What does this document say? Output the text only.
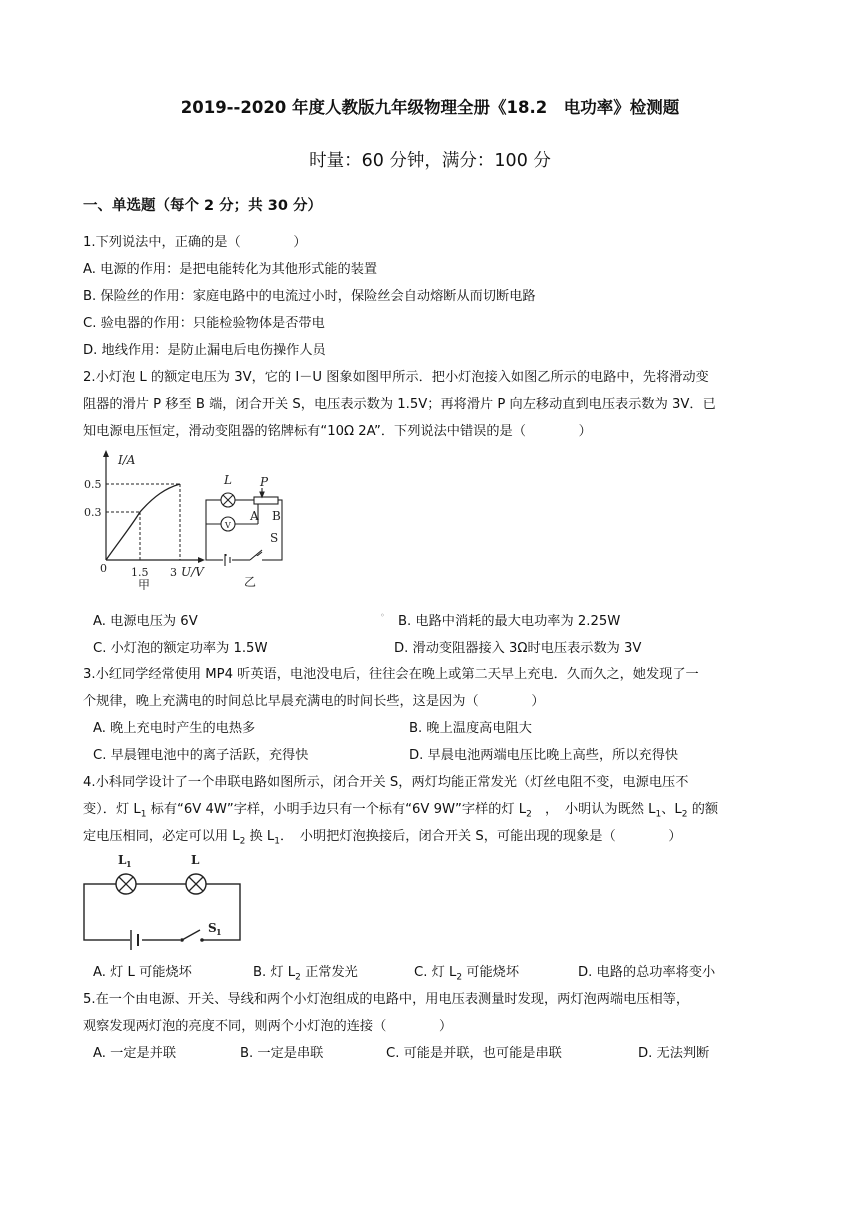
2019--2020 年度人教版九年级物理全册《18.2　电功率》检测题
时量：60 分钟，满分：100 分
一、单选题（每个 2 分；共 30 分）
1.下列说法中，正确的是（　　　　）
A. 电源的作用：是把电能转化为其他形式能的装置
B. 保险丝的作用：家庭电路中的电流过小时，保险丝会自动熔断从而切断电路
C. 验电器的作用：只能检验物体是否带电
D. 地线作用：是防止漏电后电伤操作人员
2.小灯泡 L 的额定电压为 3V，它的 I－U 图象如图甲所示．把小灯泡接入如图乙所示的电路中，先将滑动变
阻器的滑片 P 移至 B 端，闭合开关 S，电压表示数为 1.5V；再将滑片 P 向左移动直到电压表示数为 3V．已
知电源电压恒定，滑动变阻器的铭牌标有“10Ω 2A”．下列说法中错误的是（　　　　）
I/A
0.5
0.3
0 1.5 3 U/V
甲
L
V
P
A B
S
乙
A. 电源电压为 6V	◦ B. 电路中消耗的最大电功率为 2.25W
C. 小灯泡的额定功率为 1.5W	D. 滑动变阻器接入 3Ω时电压表示数为 3V
3.小红同学经常使用 MP4 听英语，电池没电后，往往会在晚上或第二天早上充电．久而久之，她发现了一
个规律，晚上充满电的时间总比早晨充满电的时间长些，这是因为（　　　　）
A. 晚上充电时产生的电热多	B. 晚上温度高电阻大
C. 早晨锂电池中的离子活跃，充得快	D. 早晨电池两端电压比晚上高些，所以充得快
4.小科同学设计了一个串联电路如图所示，闭合开关 S，两灯均能正常发光（灯丝电阻不变，电源电压不
变）．灯 $L_1$ 标有“6V 4W”字样，小明手边只有一个标有“6V 9W”字样的灯 $L_2$　，　小明认为既然 $L_1$、$L_2$ 的额
定电压相同，必定可以用 $L_2$ 换 $L_1$．　小明把灯泡换接后，闭合开关 S，可能出现的现象是（　　　　）
L 1	L
S 1
A. 灯 L 可能烧坏	B. 灯 $L_2$ 正常发光	C. 灯 $L_2$ 可能烧坏	D. 电路的总功率将变小
5.在一个由电源、开关、导线和两个小灯泡组成的电路中，用电压表测量时发现，两灯泡两端电压相等，
观察发现两灯泡的亮度不同，则两个小灯泡的连接（　　　　）
A. 一定是并联	B. 一定是串联	C. 可能是并联，也可能是串联	D. 无法判断
